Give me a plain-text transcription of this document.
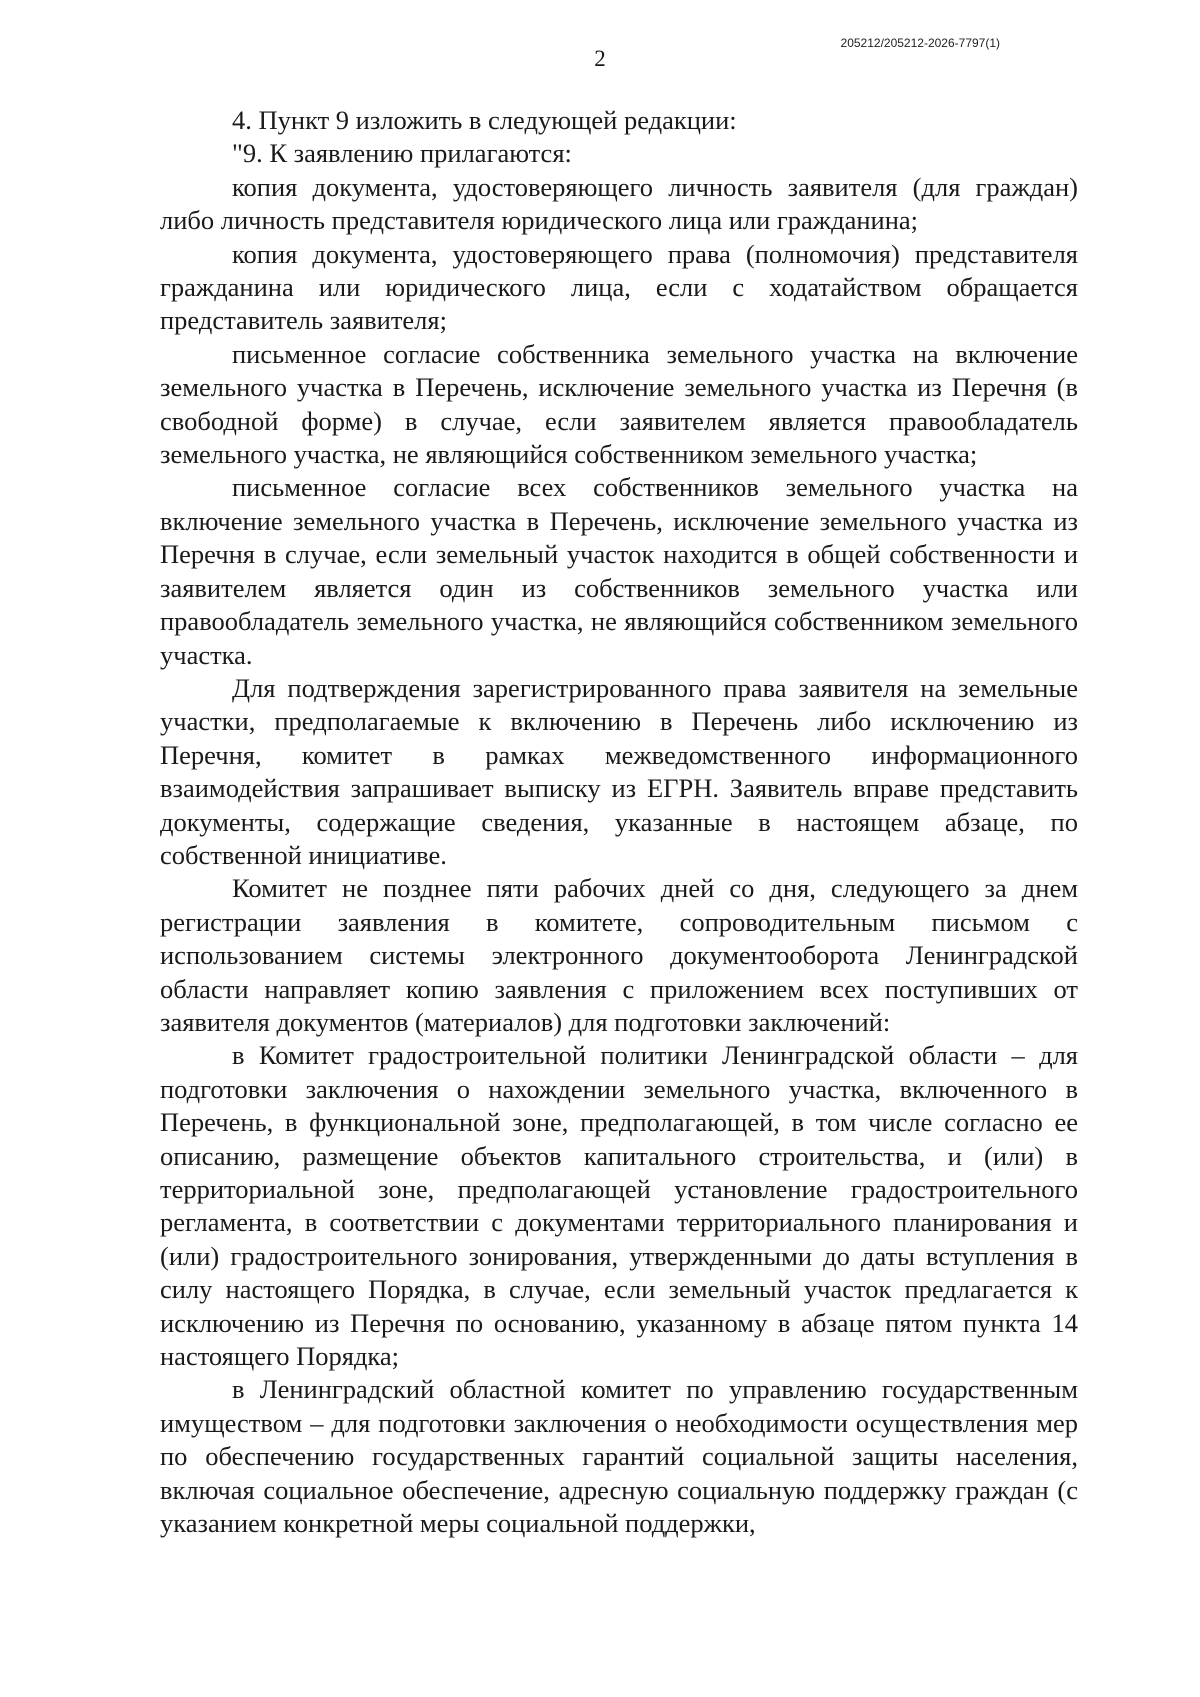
205212/205212-2026-7797(1)
2

4. Пункт 9 изложить в следующей редакции:

"9. К заявлению прилагаются:

копия документа, удостоверяющего личность заявителя (для граждан) либо личность представителя юридического лица или гражданина;

копия документа, удостоверяющего права (полномочия) представителя гражданина или юридического лица, если с ходатайством обращается представитель заявителя;

письменное согласие собственника земельного участка на включение земельного участка в Перечень, исключение земельного участка из Перечня (в свободной форме) в случае, если заявителем является правообладатель земельного участка, не являющийся собственником земельного участка;

письменное согласие всех собственников земельного участка на включение земельного участка в Перечень, исключение земельного участка из Перечня в случае, если земельный участок находится в общей собственности и заявителем является один из собственников земельного участка или правообладатель земельного участка, не являющийся собственником земельного участка.

Для подтверждения зарегистрированного права заявителя на земельные участки, предполагаемые к включению в Перечень либо исключению из Перечня, комитет в рамках межведомственного информационного взаимодействия запрашивает выписку из ЕГРН. Заявитель вправе представить документы, содержащие сведения, указанные в настоящем абзаце, по собственной инициативе.

Комитет не позднее пяти рабочих дней со дня, следующего за днем регистрации заявления в комитете, сопроводительным письмом с использованием системы электронного документооборота Ленинградской области направляет копию заявления с приложением всех поступивших от заявителя документов (материалов) для подготовки заключений:

в Комитет градостроительной политики Ленинградской области – для подготовки заключения о нахождении земельного участка, включенного в Перечень, в функциональной зоне, предполагающей, в том числе согласно ее описанию, размещение объектов капитального строительства, и (или) в территориальной зоне, предполагающей установление градостроительного регламента, в соответствии с документами территориального планирования и (или) градостроительного зонирования, утвержденными до даты вступления в силу настоящего Порядка, в случае, если земельный участок предлагается к исключению из Перечня по основанию, указанному в абзаце пятом пункта 14 настоящего Порядка;

в Ленинградский областной комитет по управлению государственным имуществом – для подготовки заключения о необходимости осуществления мер по обеспечению государственных гарантий социальной защиты населения, включая социальное обеспечение, адресную социальную поддержку граждан (с указанием конкретной меры социальной поддержки,
